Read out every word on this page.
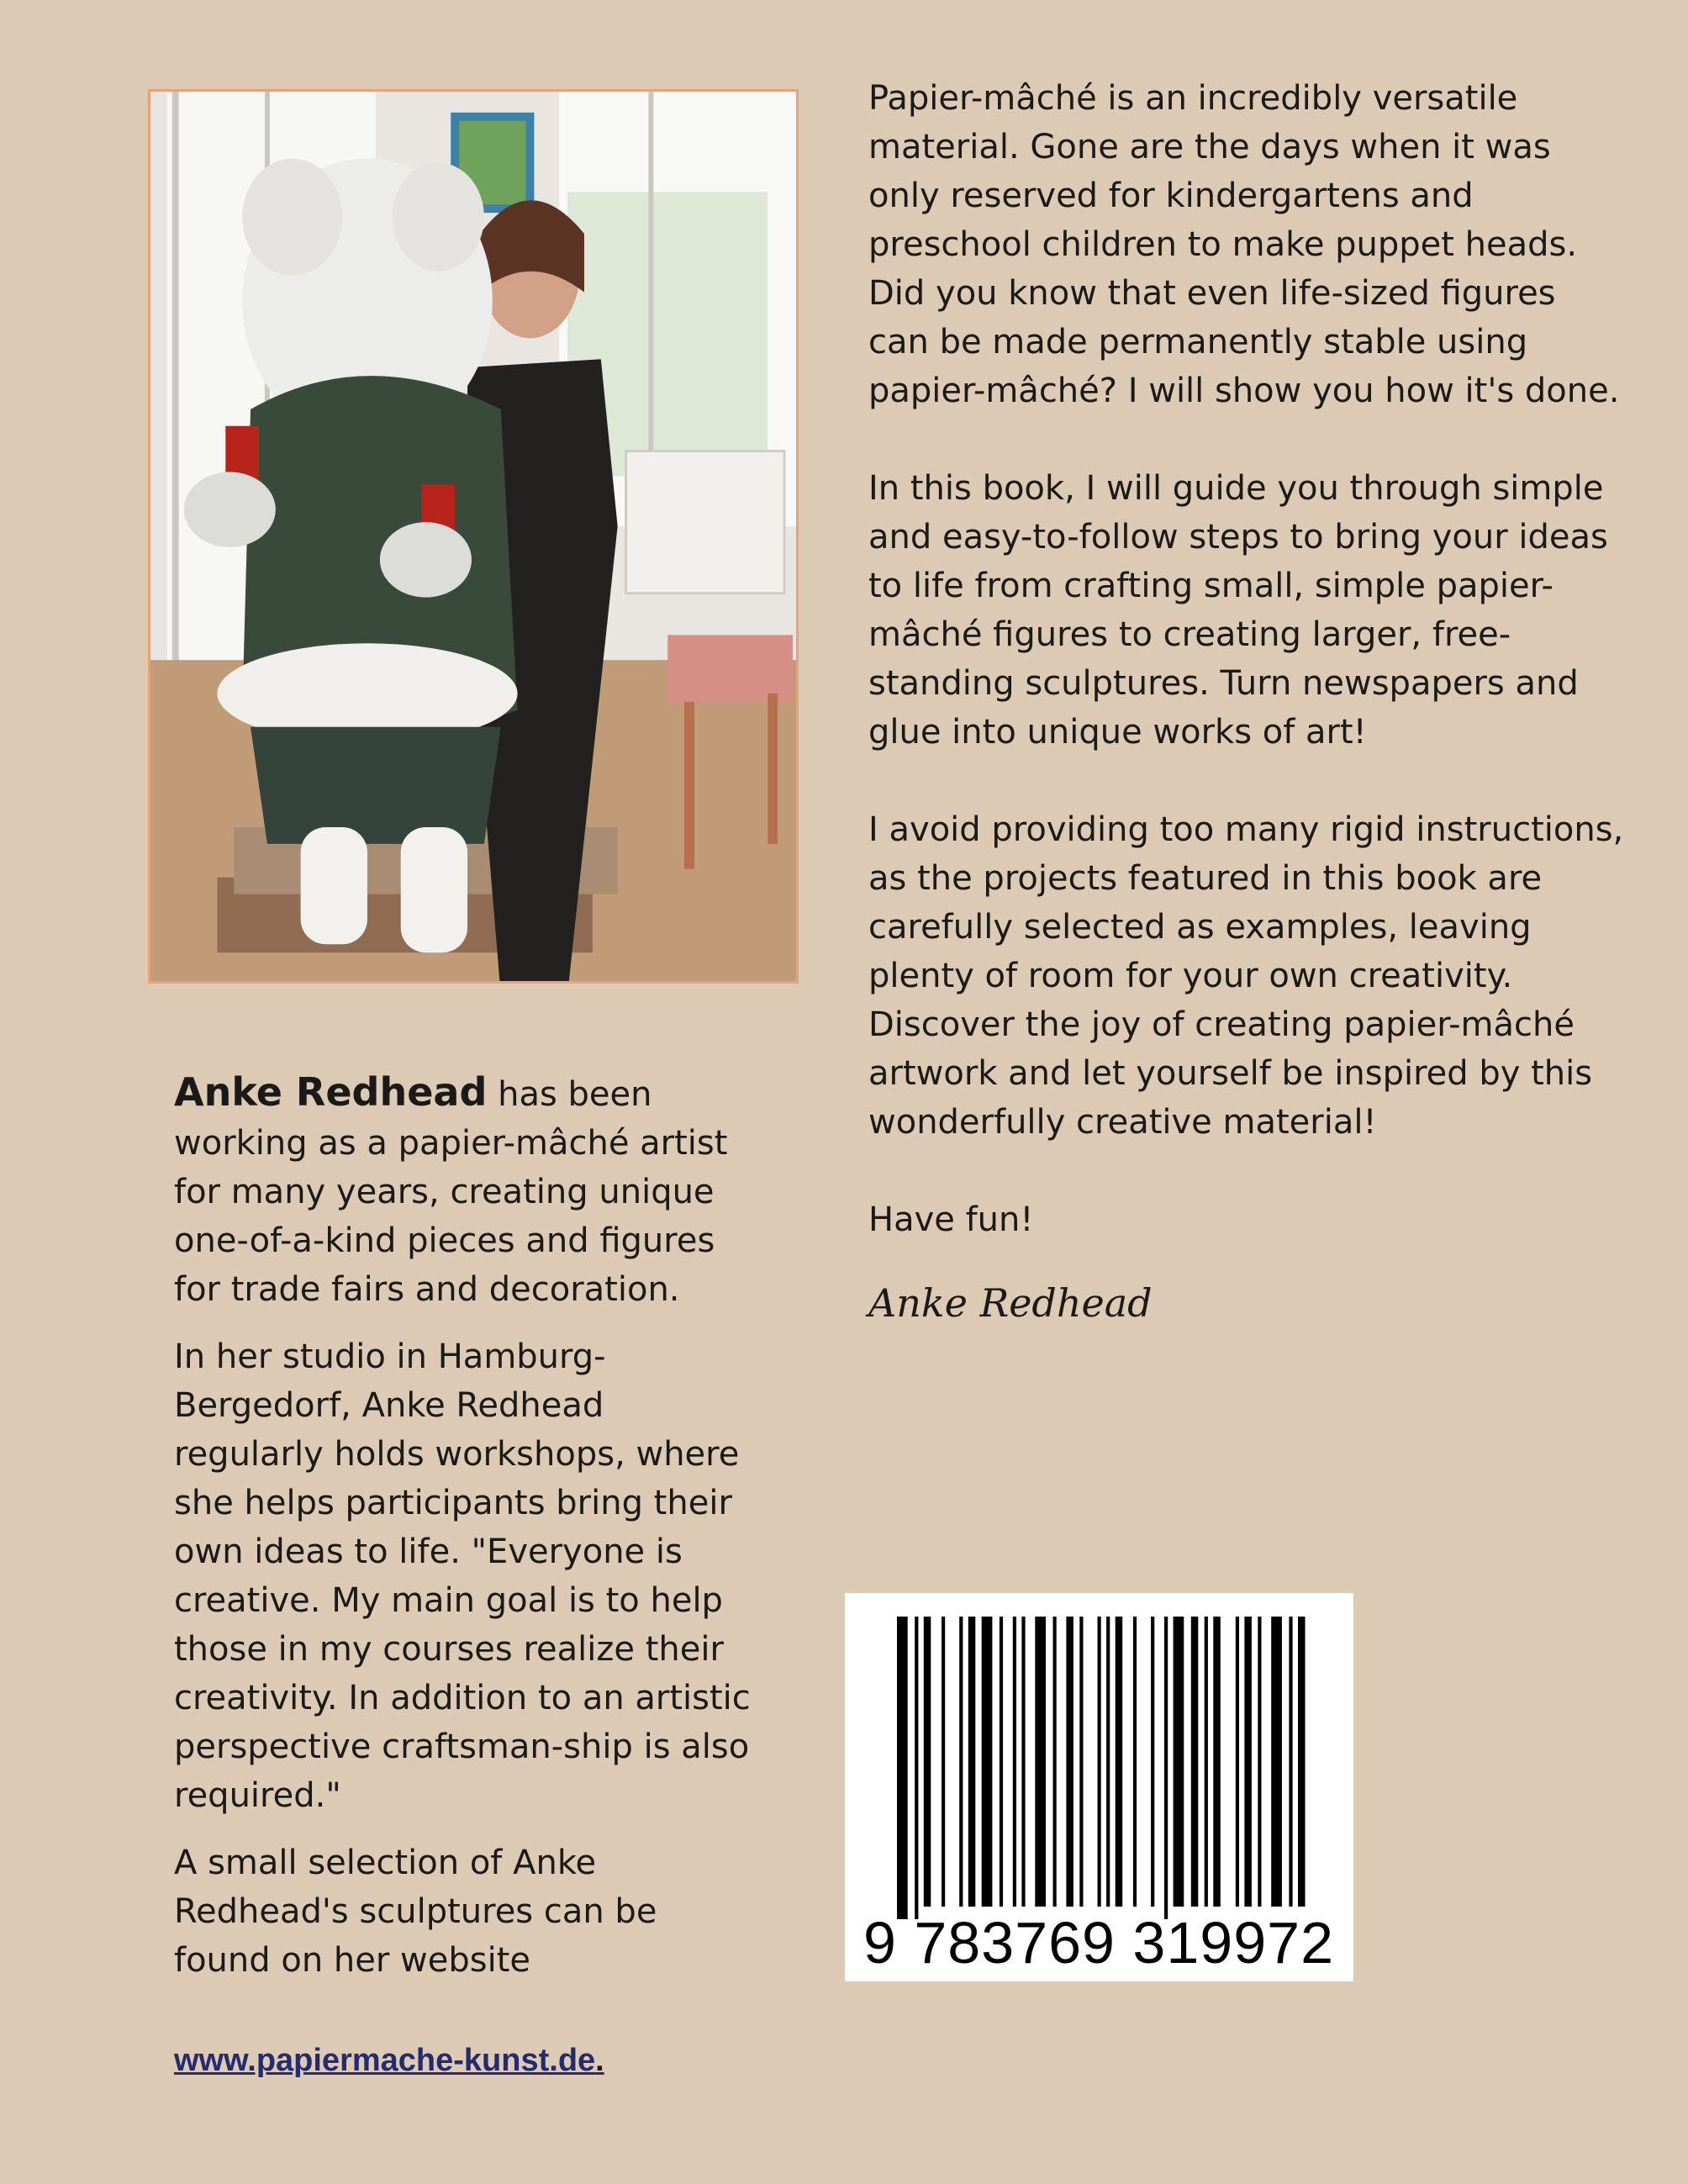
Papier-mâché is an incredibly versatile material. Gone are the days when it was only reserved for kindergartens and preschool children to make puppet heads. Did you know that even life-sized figures can be made permanently stable using papier-mâché? I will show you how it's done.

In this book, I will guide you through simple and easy-to-follow steps to bring your ideas to life from crafting small, simple papier-mâché figures to creating larger, free-standing sculptures. Turn newspapers and glue into unique works of art!

I avoid providing too many rigid instructions, as the projects featured in this book are carefully selected as examples, leaving plenty of room for your own creativity. Discover the joy of creating papier-mâché artwork and let yourself be inspired by this wonderfully creative material!

Have fun!

Anke Redhead

Anke Redhead has been working as a papier-mâché artist for many years, creating unique one-of-a-kind pieces and figures for trade fairs and decoration.

In her studio in Hamburg-Bergedorf, Anke Redhead regularly holds workshops, where she helps participants bring their own ideas to life. "Everyone is creative. My main goal is to help those in my courses realize their creativity. In addition to an artistic perspective craftsman-ship is also required."

A small selection of Anke Redhead's sculptures can be found on her website

www.papiermache-kunst.de.
9 783769 319972
